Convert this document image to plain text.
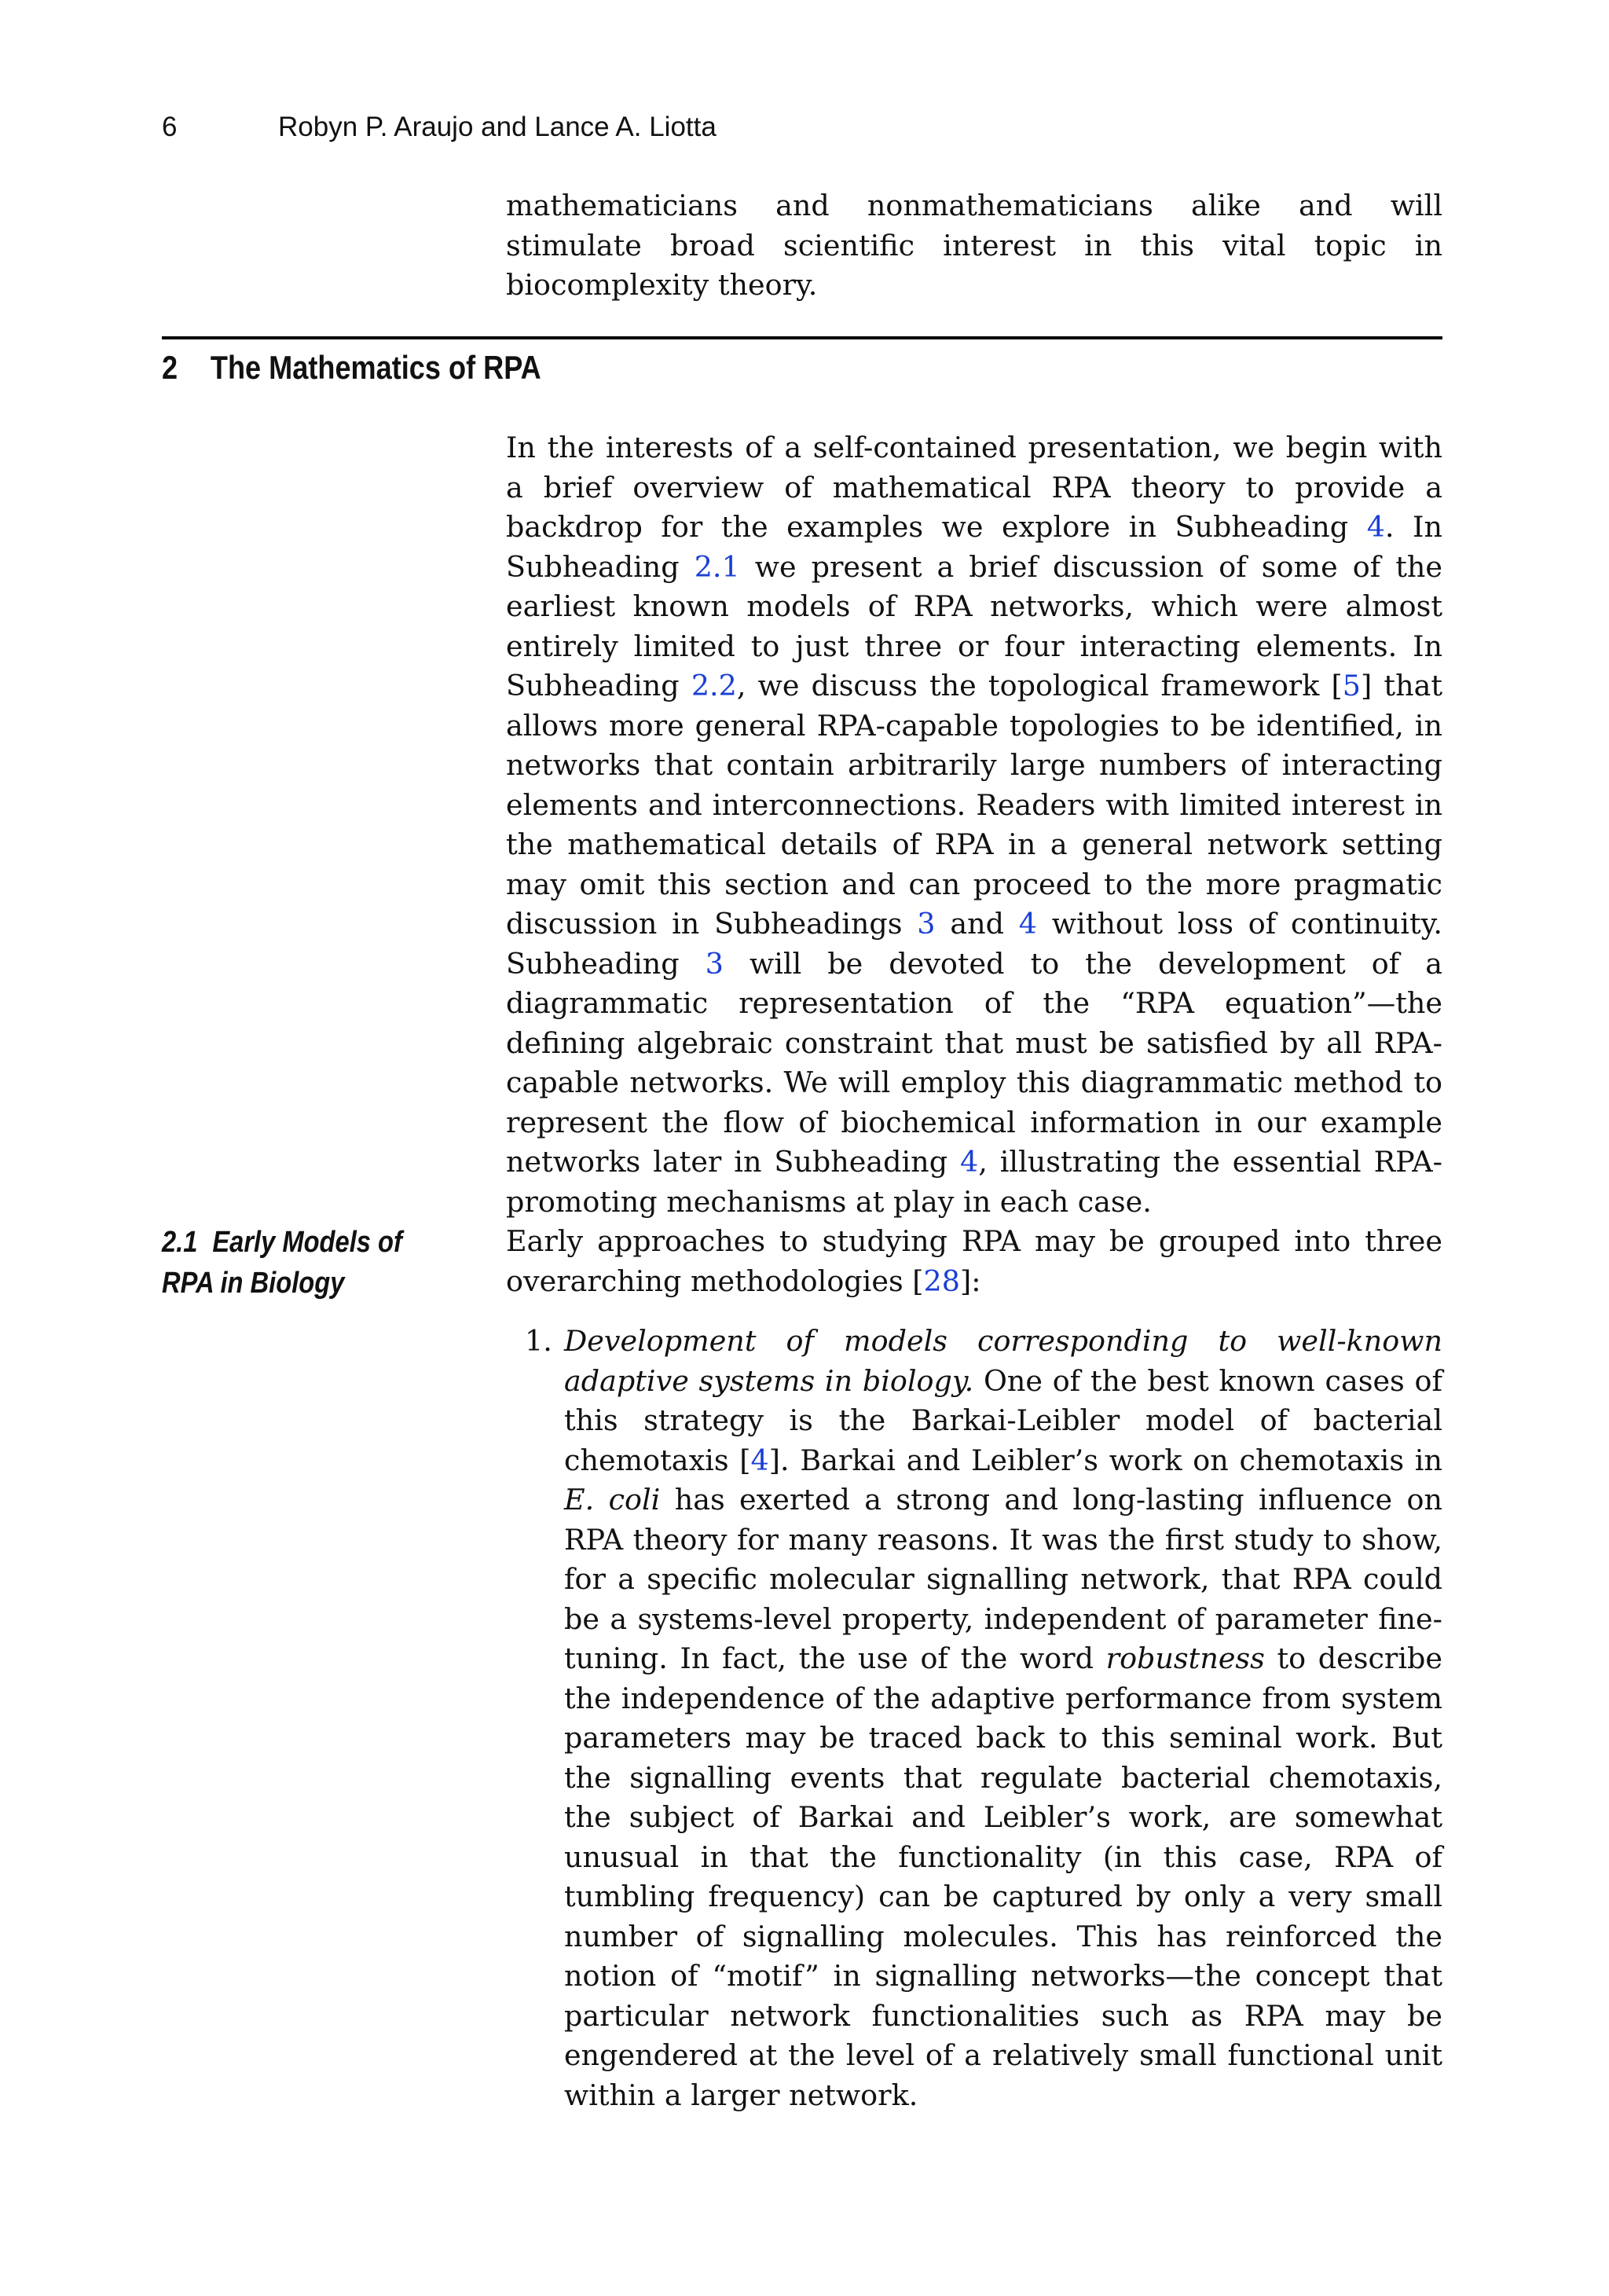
6	Robyn P. Araujo and Lance A. Liotta

mathematicians and nonmathematicians alike and will stimulate broad scientific interest in this vital topic in biocomplexity theory.

2 The Mathematics of RPA

In the interests of a self-contained presentation, we begin with a brief overview of mathematical RPA theory to provide a backdrop for the examples we explore in Subheading 4. In Subheading 2.1 we present a brief discussion of some of the earliest known models of RPA networks, which were almost entirely limited to just three or four interacting elements. In Subheading 2.2, we discuss the topological framework [5] that allows more general RPA-capable topologies to be identified, in networks that contain arbitrarily large numbers of interacting elements and interconnections. Readers with limited interest in the mathematical details of RPA in a general network setting may omit this section and can proceed to the more pragmatic discussion in Subheadings 3 and 4 without loss of continuity. Subheading 3 will be devoted to the development of a diagrammatic representation of the “RPA equation”—the defining algebraic constraint that must be satisfied by all RPA-capable networks. We will employ this diagrammatic method to represent the flow of biochemical information in our example networks later in Subheading 4, illustrating the essential RPA-promoting mechanisms at play in each case.

2.1 Early Models of RPA in Biology

Early approaches to studying RPA may be grouped into three overarching methodologies [28]:

1. Development of models corresponding to well-known adaptive systems in biology. One of the best known cases of this strategy is the Barkai-Leibler model of bacterial chemotaxis [4]. Barkai and Leibler’s work on chemotaxis in E. coli has exerted a strong and long-lasting influence on RPA theory for many reasons. It was the first study to show, for a specific molecular signalling network, that RPA could be a systems-level property, independent of parameter fine-tuning. In fact, the use of the word robustness to describe the independence of the adaptive performance from system parameters may be traced back to this seminal work. But the signalling events that regulate bacterial chemotaxis, the subject of Barkai and Leibler’s work, are somewhat unusual in that the functionality (in this case, RPA of tumbling frequency) can be captured by only a very small number of signalling molecules. This has reinforced the notion of “motif” in signalling networks—the concept that particular network functionalities such as RPA may be engendered at the level of a relatively small functional unit within a larger network.
